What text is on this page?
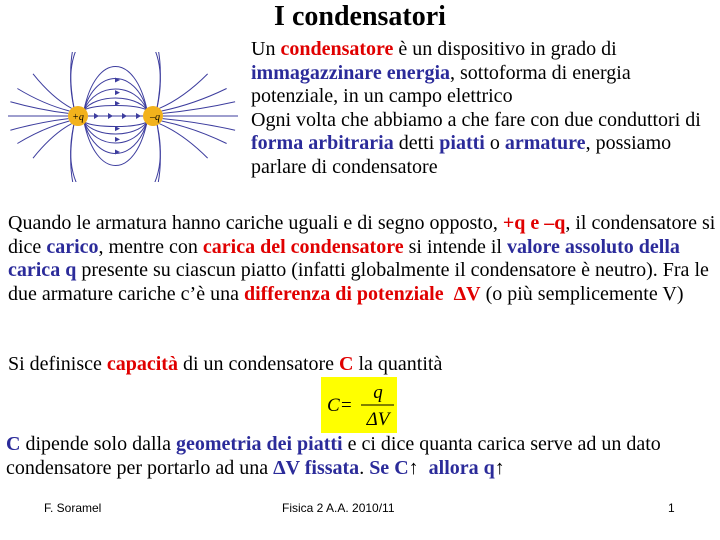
I condensatori
+q	–q
Un condensatore è un dispositivo in grado di immagazzinare energia, sottoforma di energia potenziale, in un campo elettrico
Ogni volta che abbiamo a che fare con due conduttori di forma arbitraria detti piatti o armature, possiamo parlare di condensatore
Quando le armatura hanno cariche uguali e di segno opposto, +q e –q, il condensatore si dice carico, mentre con carica del condensatore si intende il valore assoluto della carica q presente su ciascun piatto (infatti globalmente il condensatore è neutro). Fra le due armature cariche c’è una differenza di potenziale ΔV (o più semplicemente V)
Si definisce capacità di un condensatore C la quantità
C =
q
ΔV
C dipende solo dalla geometria dei piatti e ci dice quanta carica serve ad un dato condensatore per portarlo ad una ΔV fissata. Se C↑  allora q↑
F. Soramel	Fisica 2 A.A. 2010/11	1
